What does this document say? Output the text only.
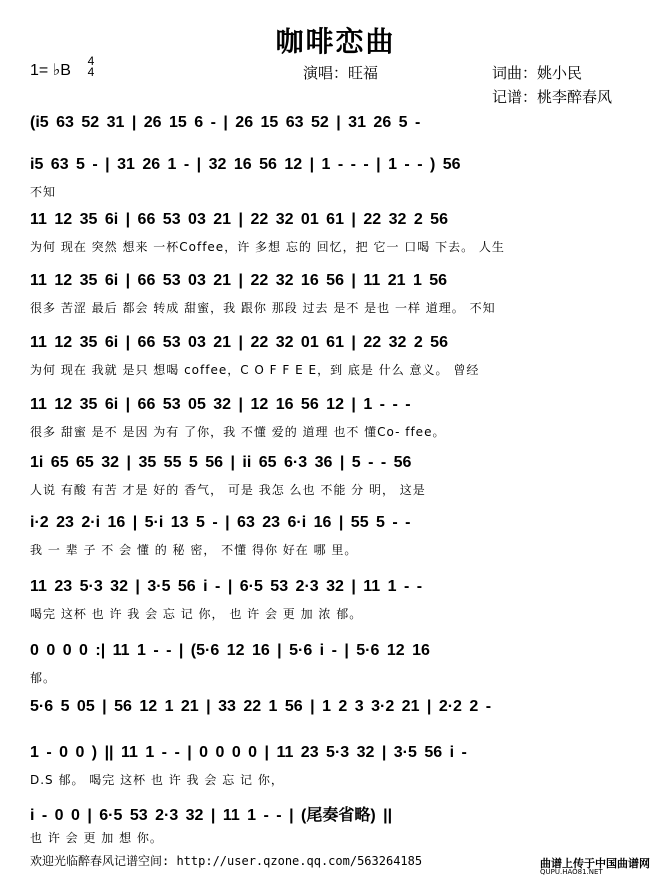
咖啡恋曲
1= ♭B
4
4	演唱：旺福	词曲：姚小民
记谱：桃李醉春风
(i5 63 52 31 | 26 15 6 - | 26 15 63 52 | 31 26 5 -
i5 63 5 - | 31 26 1 - | 32 16 56 12 | 1 - - - | 1 - - ) 56
不知
11 12 35 6i | 66 53 03 21 | 22 32 01 61 | 22 32 2 56
为何 现在 突然 想来 一杯Coffee，许 多想 忘的 回忆，把 它一 口喝 下去。 人生
11 12 35 6i | 66 53 03 21 | 22 32 16 56 | 11 21 1 56
很多 苦涩 最后 都会 转成 甜蜜，我 跟你 那段 过去 是不 是也 一样 道理。 不知
11 12 35 6i | 66 53 03 21 | 22 32 01 61 | 22 32 2 56
为何 现在 我就 是只 想喝 coffee，C O F F E E，到 底是 什么 意义。 曾经
11 12 35 6i | 66 53 05 32 | 12 16 56 12 | 1 - - -
很多 甜蜜 是不 是因 为有 了你，我 不懂 爱的 道理 也不 懂Co- ffee。
1i 65 65 32 | 35 55 5 56 | ii 65 6·3 36 | 5 - - 56
人说 有酸 有苦 才是 好的 香气， 可是 我怎 么也 不能 分 明， 这是
i·2 23 2·i 16 | 5·i 13 5 - | 63 23 6·i 16 | 55 5 - -
我 一 辈 子 不 会 懂 的 秘 密， 不懂 得你 好在 哪 里。
11 23 5·3 32 | 3·5 56 i - | 6·5 53 2·3 32 | 11 1 - -
喝完 这杯 也 许 我 会 忘 记 你， 也 许 会 更 加 浓 郁。
0 0 0 0 :| 11 1 - - | (5·6 12 16 | 5·6 i - | 5·6 12 16
郁。
5·6 5 05 | 56 12 1 21 | 33 22 1 56 | 1 2 3 3·2 21 | 2·2 2 -
1 - 0 0 ) || 11 1 - - | 0 0 0 0 | 11 23 5·3 32 | 3·5 56 i -
D.S 郁。 喝完 这杯 也 许 我 会 忘 记 你，
i - 0 0 | 6·5 53 2·3 32 | 11 1 - - | (尾奏省略) ||
也 许 会 更 加 想 你。
欢迎光临醉春风记谱空间: http://user.qzone.qq.com/563264185	曲谱上传于中国曲谱网
QUPU.HAO81.NET
